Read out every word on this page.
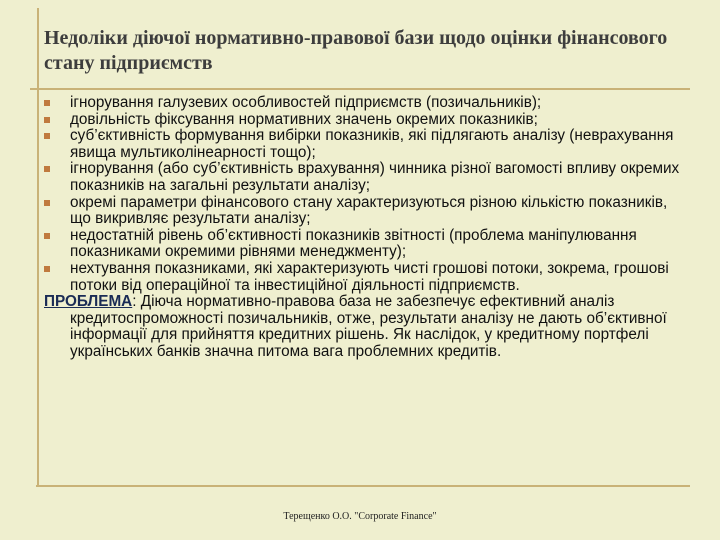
Недоліки діючої нормативно-правової бази щодо оцінки фінансового стану підприємств
ігнорування галузевих особливостей підприємств (позичальників);
довільність фіксування нормативних значень окремих показників;
суб’єктивність формування вибірки показників, які підлягають аналізу (неврахування явища мультиколінеарності тощо);
ігнорування (або суб’єктивність врахування) чинника різної вагомості впливу окремих показників на загальні результати аналізу;
окремі параметри фінансового стану характеризуються різною кількістю показників, що викривляє результати аналізу;
недостатній рівень об’єктивності показників звітності (проблема маніпулювання показниками окремими рівнями менеджменту);
нехтування показниками, які характеризують чисті грошові потоки, зокрема, грошові потоки від операційної та інвестиційної діяльності підприємств.
ПРОБЛЕМА: Діюча нормативно-правова база не забезпечує ефективний аналіз кредитоспроможності позичальників, отже, результати аналізу не дають об’єктивної інформації для прийняття кредитних рішень. Як наслідок, у кредитному портфелі українських банків значна питома вага проблемних кредитів.
Терещенко О.О. "Corporate Finance"
